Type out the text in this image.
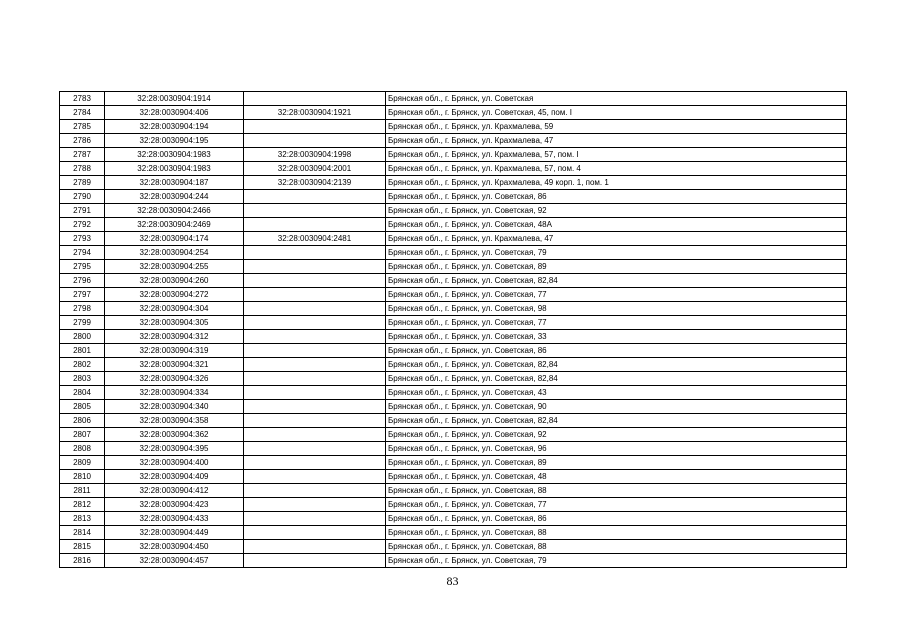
2783	32:28:0030904:1914		Брянская обл., г. Брянск, ул. Советская
2784	32:28:0030904:406	32:28:0030904:1921	Брянская обл., г. Брянск, ул. Советская, 45, пом. I
2785	32:28:0030904:194		Брянская обл., г. Брянск, ул. Крахмалева, 59
2786	32:28:0030904:195		Брянская обл., г. Брянск, ул. Крахмалева, 47
2787	32:28:0030904:1983	32:28:0030904:1998	Брянская обл., г. Брянск, ул. Крахмалева, 57, пом. I
2788	32:28:0030904:1983	32:28:0030904:2001	Брянская обл., г. Брянск, ул. Крахмалева, 57, пом. 4
2789	32:28:0030904:187	32:28:0030904:2139	Брянская обл., г. Брянск, ул. Крахмалева, 49 корп. 1, пом. 1
2790	32:28:0030904:244		Брянская обл., г. Брянск, ул. Советская, 86
2791	32:28:0030904:2466		Брянская обл., г. Брянск, ул. Советская, 92
2792	32:28:0030904:2469		Брянская обл., г. Брянск, ул. Советская, 48А
2793	32:28:0030904:174	32:28:0030904:2481	Брянская обл., г. Брянск, ул. Крахмалева, 47
2794	32:28:0030904:254		Брянская обл., г. Брянск, ул. Советская, 79
2795	32:28:0030904:255		Брянская обл., г. Брянск, ул. Советская, 89
2796	32:28:0030904:260		Брянская обл., г. Брянск, ул. Советская, 82,84
2797	32:28:0030904:272		Брянская обл., г. Брянск, ул. Советская, 77
2798	32:28:0030904:304		Брянская обл., г. Брянск, ул. Советская, 98
2799	32:28:0030904:305		Брянская обл., г. Брянск, ул. Советская, 77
2800	32:28:0030904:312		Брянская обл., г. Брянск, ул. Советская, 33
2801	32:28:0030904:319		Брянская обл., г. Брянск, ул. Советская, 86
2802	32:28:0030904:321		Брянская обл., г. Брянск, ул. Советская, 82,84
2803	32:28:0030904:326		Брянская обл., г. Брянск, ул. Советская, 82,84
2804	32:28:0030904:334		Брянская обл., г. Брянск, ул. Советская, 43
2805	32:28:0030904:340		Брянская обл., г. Брянск, ул. Советская, 90
2806	32:28:0030904:358		Брянская обл., г. Брянск, ул. Советская, 82,84
2807	32:28:0030904:362		Брянская обл., г. Брянск, ул. Советская, 92
2808	32:28:0030904:395		Брянская обл., г. Брянск, ул. Советская, 96
2809	32:28:0030904:400		Брянская обл., г. Брянск, ул. Советская, 89
2810	32:28:0030904:409		Брянская обл., г. Брянск, ул. Советская, 48
2811	32:28:0030904:412		Брянская обл., г. Брянск, ул. Советская, 88
2812	32:28:0030904:423		Брянская обл., г. Брянск, ул. Советская, 77
2813	32:28:0030904:433		Брянская обл., г. Брянск, ул. Советская, 86
2814	32:28:0030904:449		Брянская обл., г. Брянск, ул. Советская, 88
2815	32:28:0030904:450		Брянская обл., г. Брянск, ул. Советская, 88
2816	32:28:0030904:457		Брянская обл., г. Брянск, ул. Советская, 79
83
